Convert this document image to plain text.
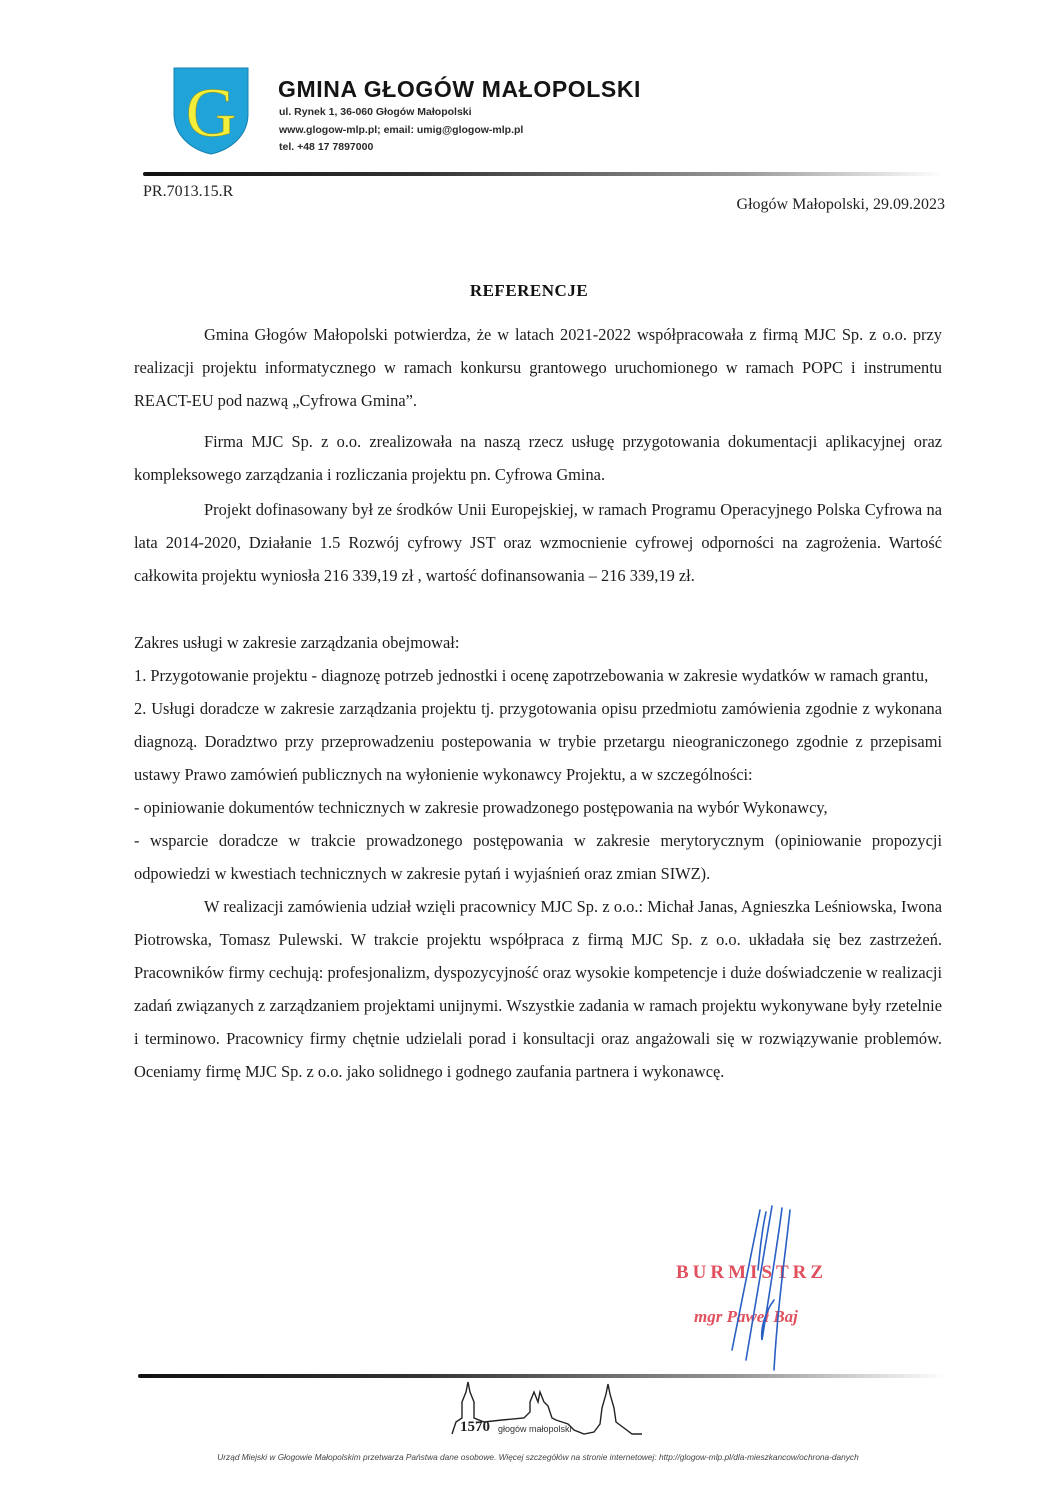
G GMINA GŁOGÓW MAŁOPOLSKI
ul. Rynek 1, 36-060 Głogów Małopolski
www.glogow-mlp.pl; email: umig@glogow-mlp.pl
tel. +48 17 7897000
PR.7013.15.R
Głogów Małopolski, 29.09.2023
REFERENCJE

Gmina Głogów Małopolski potwierdza, że w latach 2021-2022 współpracowała z firmą MJC Sp. z o.o. przy realizacji projektu informatycznego w ramach konkursu grantowego uruchomionego w ramach POPC i instrumentu REACT-EU pod nazwą „Cyfrowa Gmina”.

Firma MJC Sp. z o.o. zrealizowała na naszą rzecz usługę przygotowania dokumentacji aplikacyjnej oraz kompleksowego zarządzania i rozliczania projektu pn. Cyfrowa Gmina.

Projekt dofinasowany był ze środków Unii Europejskiej, w ramach Programu Operacyjnego Polska Cyfrowa na lata 2014-2020, Działanie 1.5 Rozwój cyfrowy JST oraz wzmocnienie cyfrowej odporności na zagrożenia. Wartość całkowita projektu wyniosła 216 339,19 zł , wartość dofinansowania – 216 339,19 zł.

Zakres usługi w zakresie zarządzania obejmował:

1. Przygotowanie projektu - diagnozę potrzeb jednostki i ocenę zapotrzebowania w zakresie wydatków w ramach grantu,

2. Usługi doradcze w zakresie zarządzania projektu tj. przygotowania opisu przedmiotu zamówienia zgodnie z wykonana diagnozą. Doradztwo przy przeprowadzeniu postepowania w trybie przetargu nieograniczonego zgodnie z przepisami ustawy Prawo zamówień publicznych na wyłonienie wykonawcy Projektu, a w szczególności:

- opiniowanie dokumentów technicznych w zakresie prowadzonego postępowania na wybór Wykonawcy,

- wsparcie doradcze w trakcie prowadzonego postępowania w zakresie merytorycznym (opiniowanie propozycji odpowiedzi w kwestiach technicznych w zakresie pytań i wyjaśnień oraz zmian SIWZ).

W realizacji zamówienia udział wzięli pracownicy MJC Sp. z o.o.: Michał Janas, Agnieszka Leśniowska, Iwona Piotrowska, Tomasz Pulewski. W trakcie projektu współpraca z firmą MJC Sp. z o.o. układała się bez zastrzeżeń. Pracowników firmy cechują: profesjonalizm, dyspozycyjność oraz wysokie kompetencje i duże doświadczenie w realizacji zadań związanych z zarządzaniem projektami unijnymi. Wszystkie zadania w ramach projektu wykonywane były rzetelnie i terminowo. Pracownicy firmy chętnie udzielali porad i konsultacji oraz angażowali się w rozwiązywanie problemów. Oceniamy firmę MJC Sp. z o.o. jako solidnego i godnego zaufania partnera i wykonawcę.

BURMISTRZ
mgr Paweł Baj
1570 głogów małopolski
Urząd Miejski w Głogowie Małopolskim przetwarza Państwa dane osobowe. Więcej szczegółów na stronie internetowej: http://glogow-mlp.pl/dla-mieszkancow/ochrona-danych
